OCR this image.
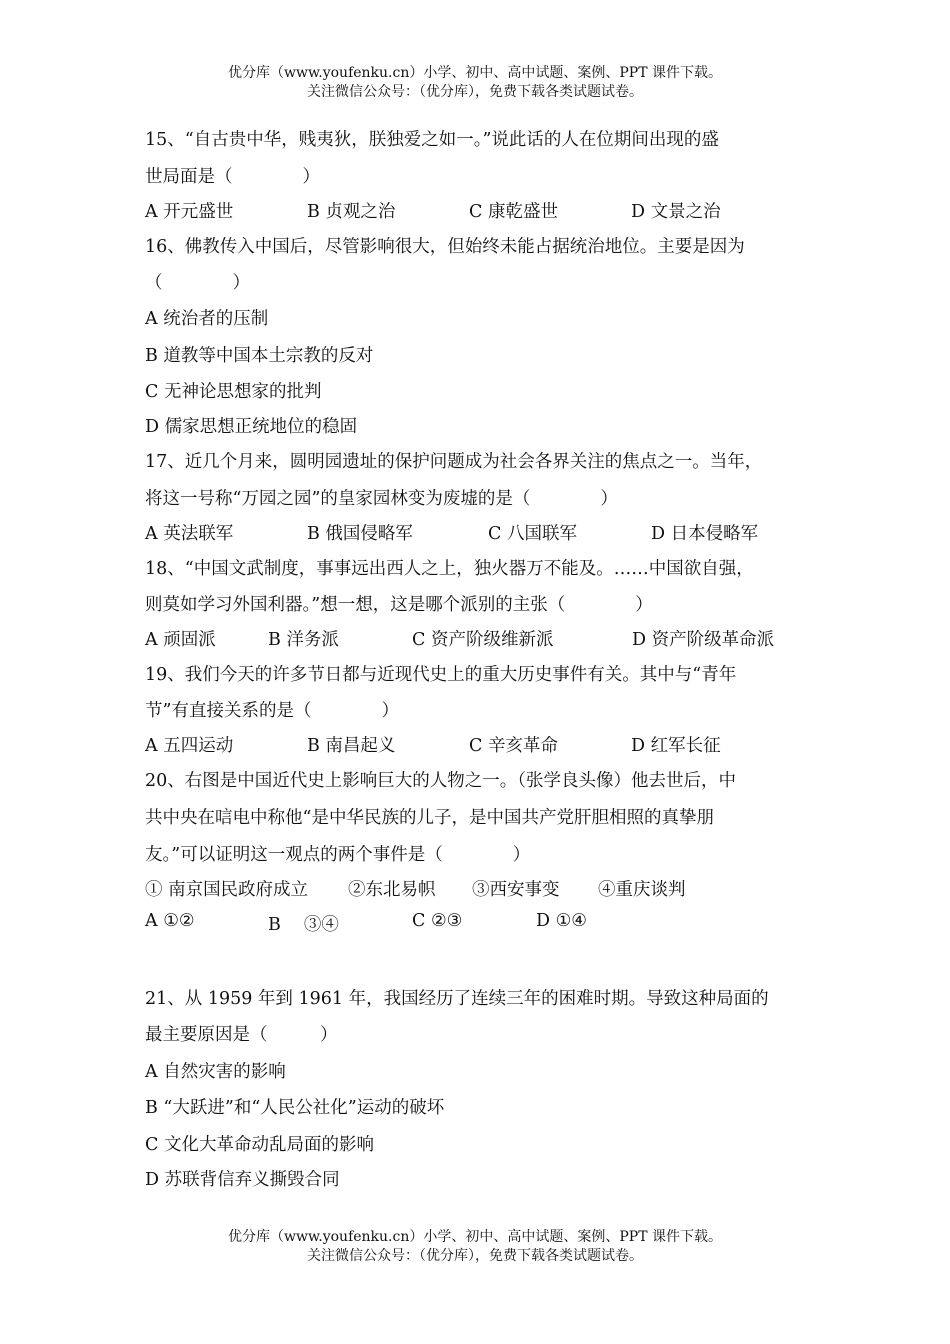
优分库（www.youfenku.cn）小学、初中、高中试题、案例、PPT 课件下载。
关注微信公众号：（优分库），免费下载各类试题试卷。
15、“自古贵中华，贱夷狄，朕独爱之如一。”说此话的人在位期间出现的盛
世局面是（　　　　）
A 开元盛世	B 贞观之治	C 康乾盛世	D 文景之治
16、佛教传入中国后，尽管影响很大，但始终未能占据统治地位。主要是因为
（　　　　）
A 统治者的压制
B 道教等中国本土宗教的反对
C 无神论思想家的批判
D 儒家思想正统地位的稳固
17、近几个月来，圆明园遗址的保护问题成为社会各界关注的焦点之一。当年，
将这一号称“万园之园”的皇家园林变为废墟的是（　　　　）
A 英法联军	B 俄国侵略军	C 八国联军	D 日本侵略军
18、“中国文武制度，事事远出西人之上，独火器万不能及。……中国欲自强，
则莫如学习外国利器。”想一想，这是哪个派别的主张（　　　　）
A 顽固派	B 洋务派	C 资产阶级维新派	D 资产阶级革命派
19、我们今天的许多节日都与近现代史上的重大历史事件有关。其中与“青年
节”有直接关系的是（　　　　）
A 五四运动	B 南昌起义	C 辛亥革命	D 红军长征
20、右图是中国近代史上影响巨大的人物之一。（张学良头像）他去世后，中
共中央在唁电中称他“是中华民族的儿子，是中国共产党肝胆相照的真挚朋
友。”可以证明这一观点的两个事件是（　　　　）
① 南京国民政府成立 ②东北易帜 ③西安事变 ④重庆谈判
A ①②	B 　③④	C ②③	D ①④
21、从 1959 年到 1961 年，我国经历了连续三年的困难时期。导致这种局面的
最主要原因是（　　　）
A 自然灾害的影响
B “大跃进”和“人民公社化”运动的破坏
C 文化大革命动乱局面的影响
D 苏联背信弃义撕毁合同
优分库（www.youfenku.cn）小学、初中、高中试题、案例、PPT 课件下载。
关注微信公众号：（优分库），免费下载各类试题试卷。
